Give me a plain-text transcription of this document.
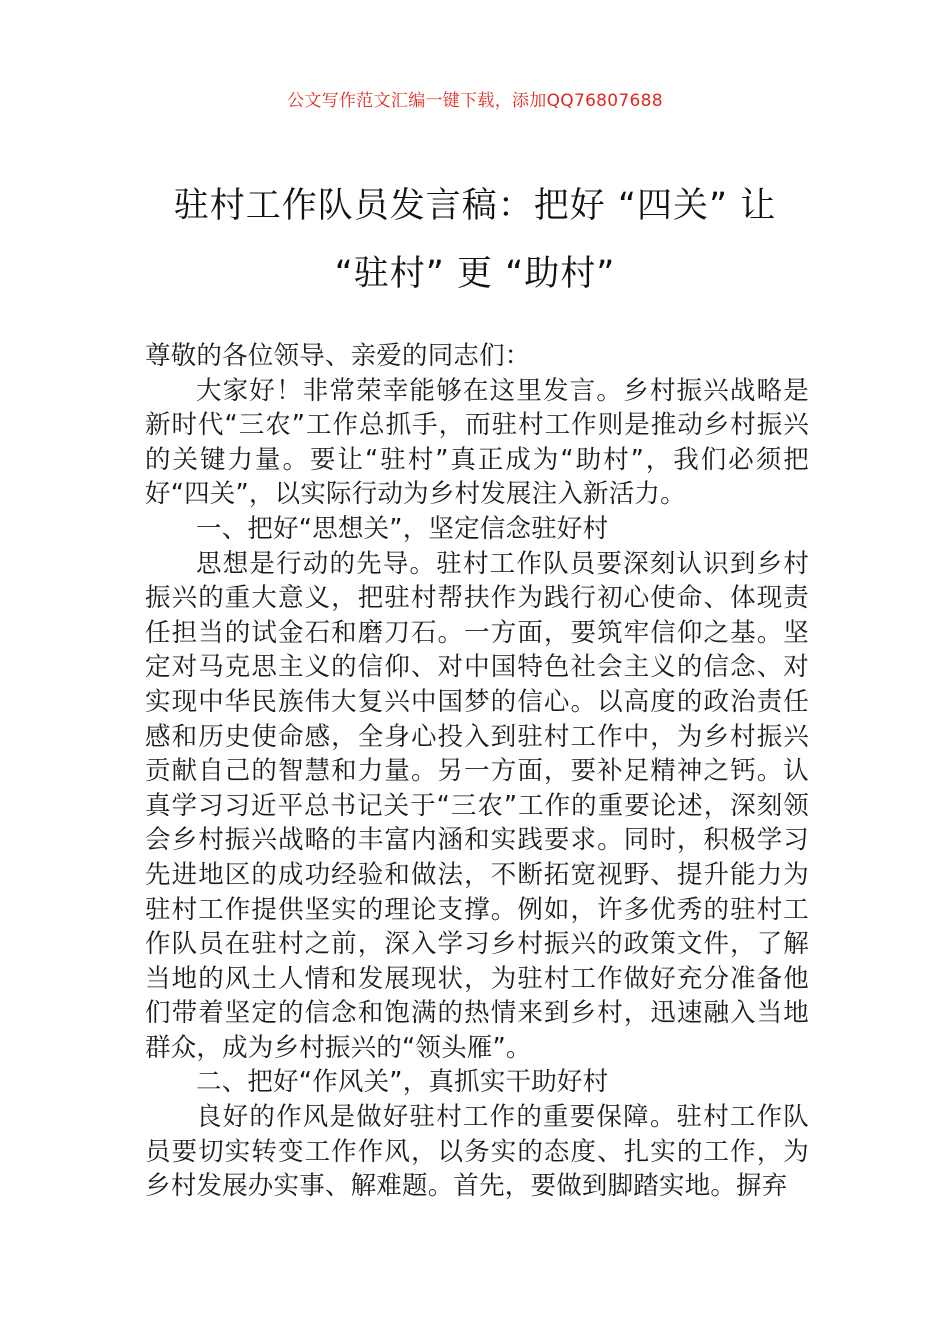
公文写作范文汇编一键下载，添加QQ76807688
驻村工作队员发言稿：把好 “四关” 让
“驻村” 更 “助村”

尊敬的各位领导、亲爱的同志们：

大家好！非常荣幸能够在这里发言。乡村振兴战略是新时代“三农”工作总抓手，而驻村工作则是推动乡村振兴的关键力量。要让“驻村”真正成为“助村”，我们必须把好“四关”，以实际行动为乡村发展注入新活力。

一、把好“思想关”，坚定信念驻好村

思想是行动的先导。驻村工作队员要深刻认识到乡村振兴的重大意义，把驻村帮扶作为践行初心使命、体现责任担当的试金石和磨刀石。一方面，要筑牢信仰之基。坚定对马克思主义的信仰、对中国特色社会主义的信念、对实现中华民族伟大复兴中国梦的信心。以高度的政治责任感和历史使命感，全身心投入到驻村工作中，为乡村振兴贡献自己的智慧和力量。另一方面，要补足精神之钙。认真学习习近平总书记关于“三农”工作的重要论述，深刻领会乡村振兴战略的丰富内涵和实践要求。同时，积极学习先进地区的成功经验和做法，不断拓宽视野、提升能力为驻村工作提供坚实的理论支撑。例如，许多优秀的驻村工作队员在驻村之前，深入学习乡村振兴的政策文件，了解当地的风土人情和发展现状，为驻村工作做好充分准备他们带着坚定的信念和饱满的热情来到乡村，迅速融入当地群众，成为乡村振兴的“领头雁”。

二、把好“作风关”，真抓实干助好村

良好的作风是做好驻村工作的重要保障。驻村工作队员要切实转变工作作风，以务实的态度、扎实的工作，为乡村发展办实事、解难题。首先，要做到脚踏实地。摒弃
